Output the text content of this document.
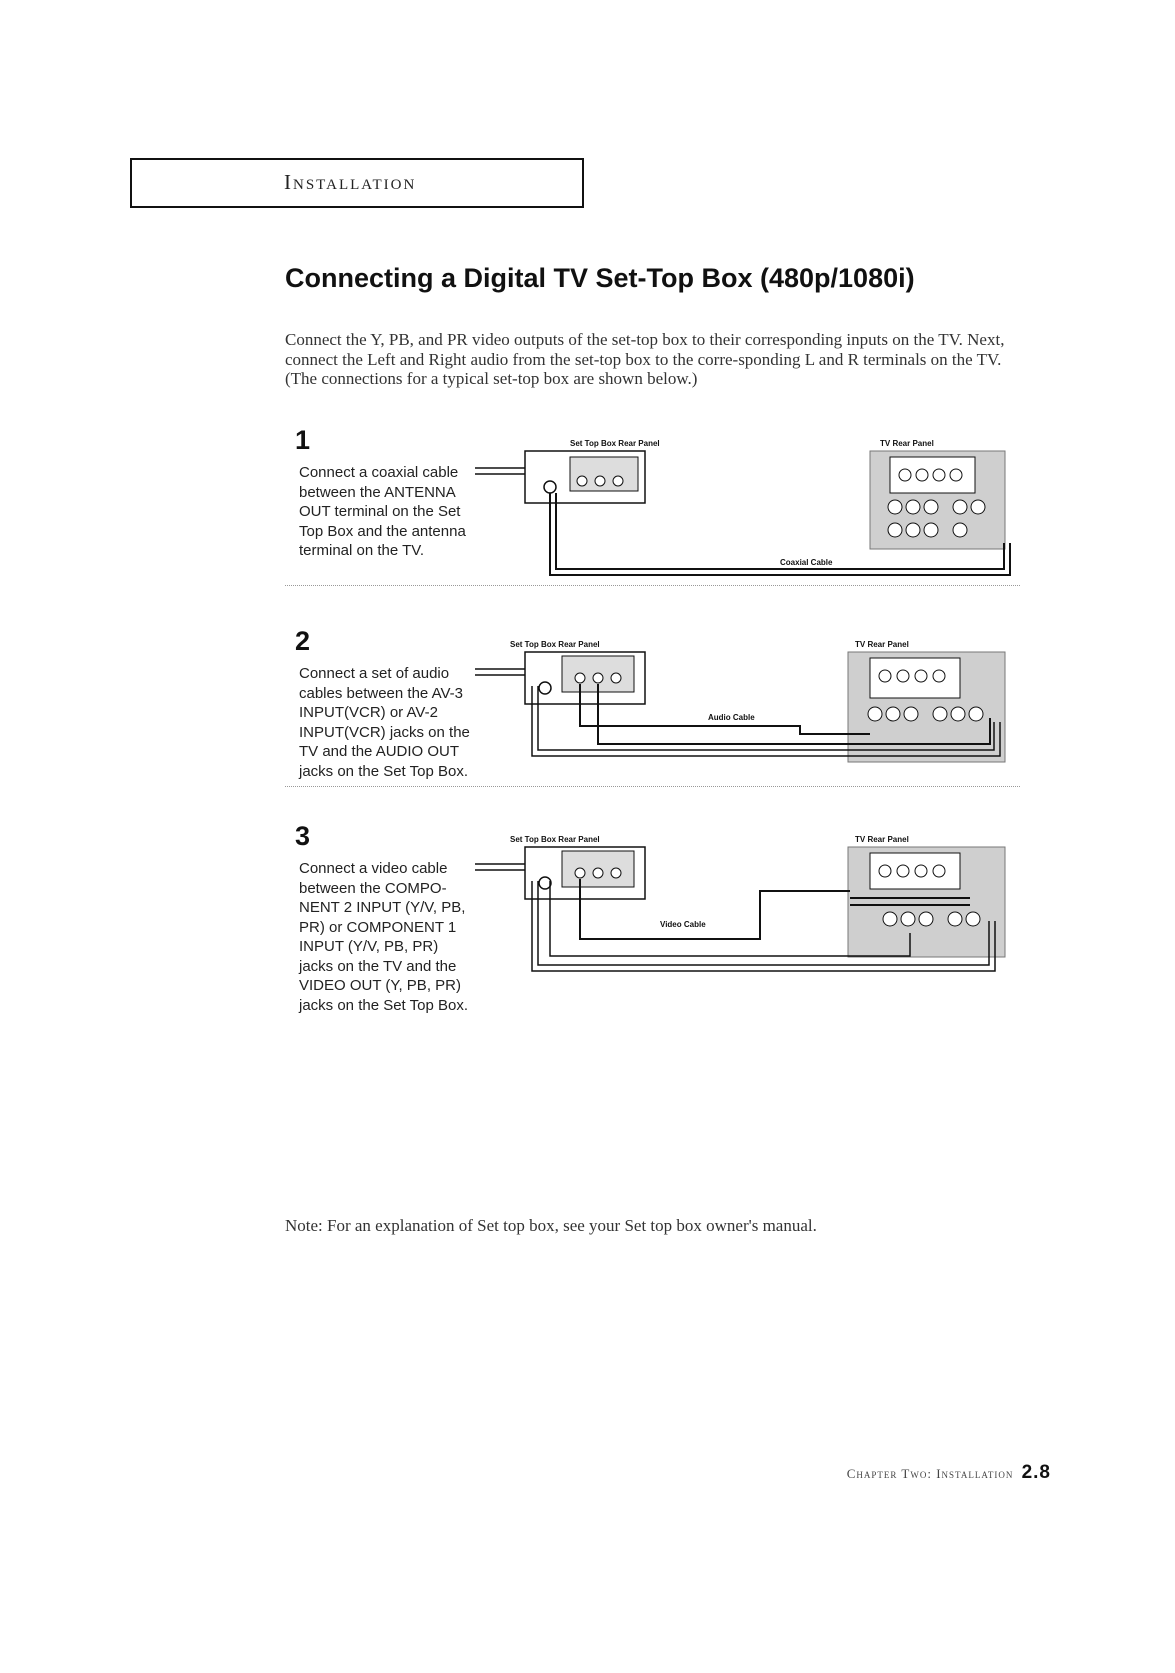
Installation
Connecting a Digital TV Set-Top Box (480p/1080i)
Connect the Y, PB, and PR video outputs of the set-top box to their corresponding inputs on the TV. Next, connect the Left and Right audio from the set-top box to the corre-sponding L and R terminals on the TV. (The connections for a typical set-top box are shown below.)
1
Connect a coaxial cable between the ANTENNA OUT terminal on the Set Top Box and the antenna terminal on the TV.
Set Top Box Rear Panel	TV Rear Panel
Coaxial Cable
2
Connect a set of audio cables between the AV-3 INPUT(VCR) or AV-2 INPUT(VCR) jacks on the TV and the AUDIO OUT jacks on the Set Top Box.
Set Top Box Rear Panel	TV Rear Panel
Audio Cable
3
Connect a video cable between the COMPO-NENT 2 INPUT (Y/V, PB, PR) or COMPONENT 1 INPUT (Y/V, PB, PR) jacks on the TV and the VIDEO OUT (Y, PB, PR) jacks on the Set Top Box.
Set Top Box Rear Panel	TV Rear Panel
Video Cable
Note: For an explanation of Set top box, see your Set top box owner's manual.
Chapter Two: Installation 2.8
